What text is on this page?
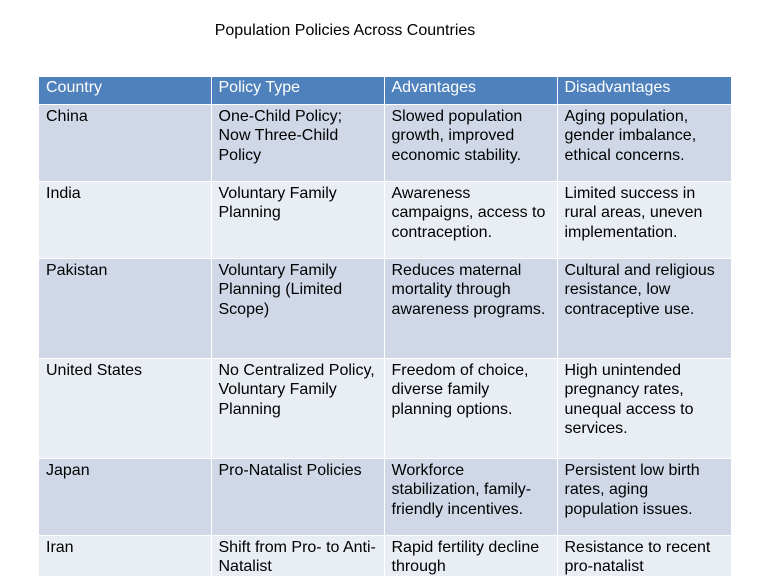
Population Policies Across Countries
Country	Policy Type	Advantages	Disadvantages
China	One-Child Policy; Now Three-Child Policy	Slowed population growth, improved economic stability.	Aging population, gender imbalance, ethical concerns.
India	Voluntary Family Planning	Awareness campaigns, access to contraception.	Limited success in rural areas, uneven implementation.
Pakistan	Voluntary Family Planning (Limited Scope)	Reduces maternal mortality through awareness programs.	Cultural and religious resistance, low contraceptive use.
United States	No Centralized Policy, Voluntary Family Planning	Freedom of choice, diverse family planning options.	High unintended pregnancy rates, unequal access to services.
Japan	Pro-Natalist Policies	Workforce stabilization, family-friendly incentives.	Persistent low birth rates, aging population issues.
Iran	Shift from Pro- to Anti-Natalist	Rapid fertility decline through	Resistance to recent pro-natalist
